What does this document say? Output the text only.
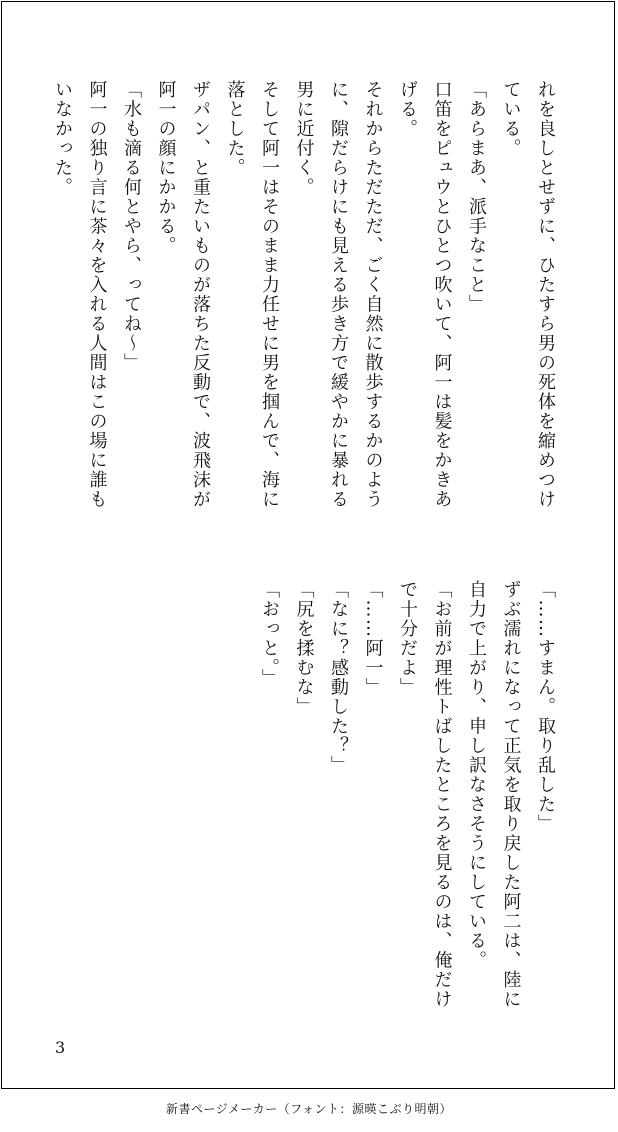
れを良しとせずに、ひたすら男の死体を縮めつけ
ている。
「あらまあ、派手なこと」
口笛をピュウとひとつ吹いて、阿一は髪をかきあ
げる。
それからただただ、ごく自然に散歩するかのよう
に、隙だらけにも見える歩き方で緩やかに暴れる
男に近付く。
そして阿一はそのまま力任せに男を掴んで、海に
落とした。
ザパン、と重たいものが落ちた反動で、波飛沫が
阿一の顔にかかる。
「水も滴る何とやら、ってね～」
阿一の独り言に茶々を入れる人間はこの場に誰も
いなかった。
「……すまん。取り乱した」
ずぶ濡れになって正気を取り戻した阿二は、陸に
自力で上がり、申し訳なさそうにしている。
「お前が理性トばしたところを見るのは、俺だけ
で十分だよ」
「……阿一」
「なに？感動した？」
「尻を揉むな」
「おっと。」
3
新書ページメーカー（フォント：源暎こぶり明朝）
